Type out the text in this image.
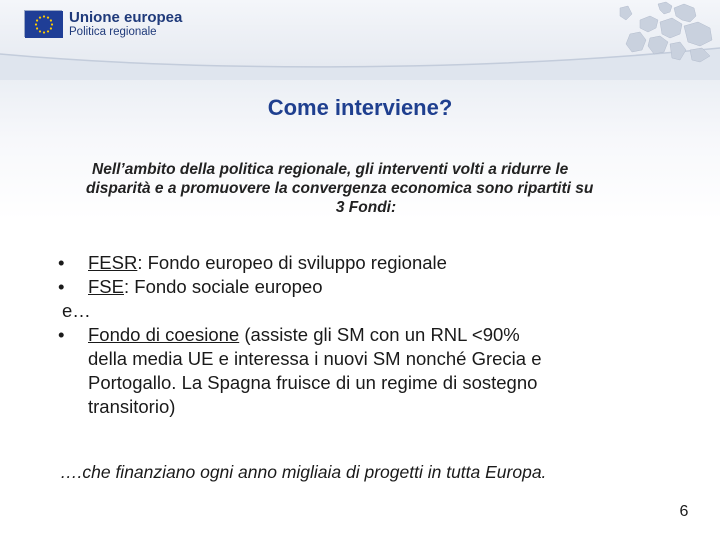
Unione europea
Politica regionale
Come interviene?
Nell’ambito della politica regionale, gli interventi volti a ridurre le
disparità e a promuovere la convergenza economica sono ripartiti su
3 Fondi:
•	FESR: Fondo europeo di sviluppo regionale
•	FSE: Fondo sociale europeo
e…
•	Fondo di coesione (assiste gli SM con un RNL <90%
della media UE e interessa i nuovi SM nonché Grecia e
Portogallo. La Spagna fruisce di un regime di sostegno
transitorio)
….che finanziano ogni anno migliaia di progetti in tutta Europa.
6
